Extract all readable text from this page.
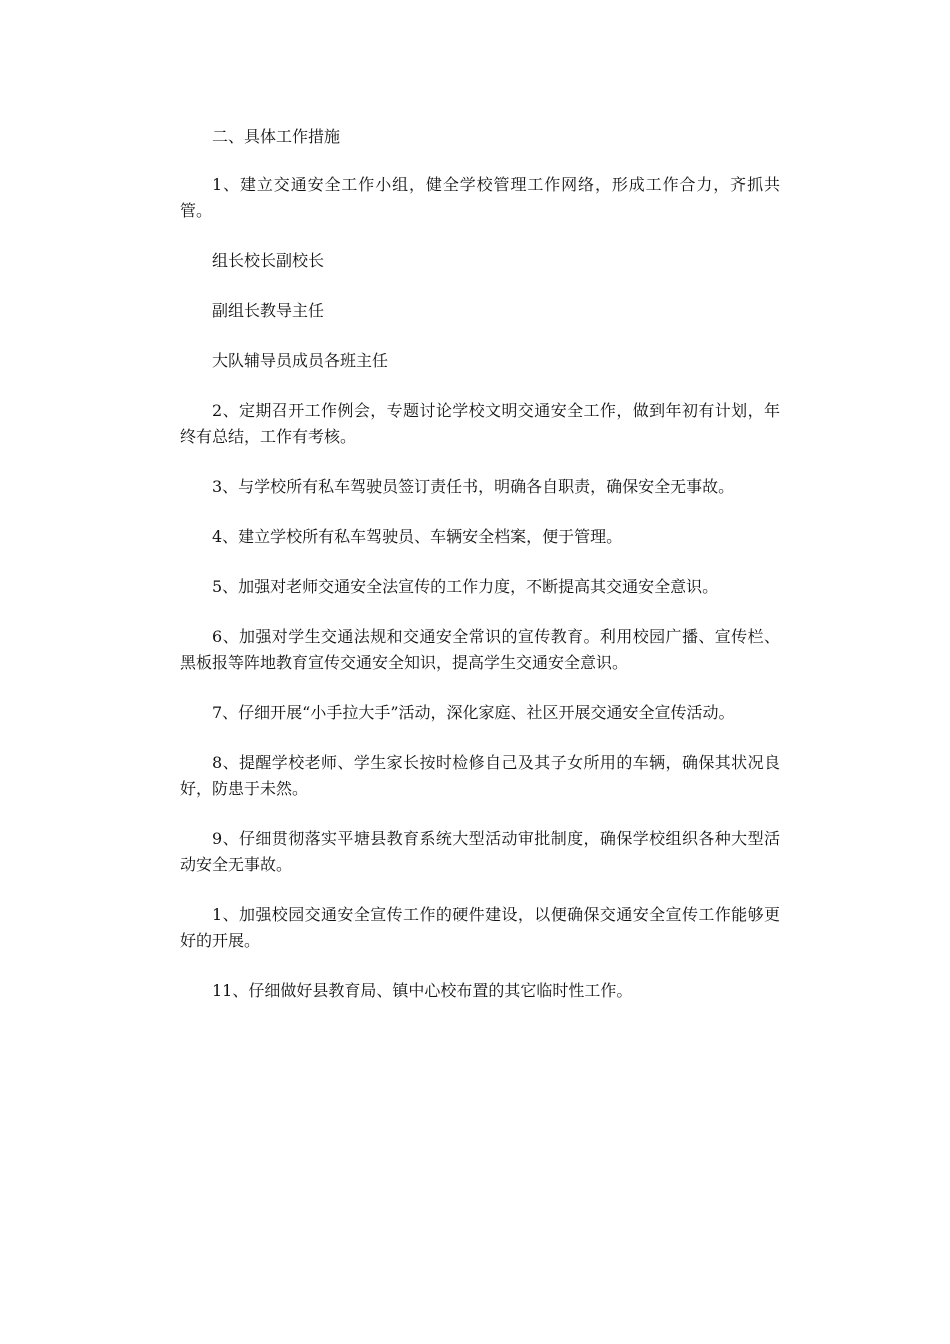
二、具体工作措施

1、建立交通安全工作小组，健全学校管理工作网络，形成工作合力，齐抓共管。

组长校长副校长

副组长教导主任

大队辅导员成员各班主任

2、定期召开工作例会，专题讨论学校文明交通安全工作，做到年初有计划，年终有总结，工作有考核。

3、与学校所有私车驾驶员签订责任书，明确各自职责，确保安全无事故。

4、建立学校所有私车驾驶员、车辆安全档案，便于管理。

5、加强对老师交通安全法宣传的工作力度，不断提高其交通安全意识。

6、加强对学生交通法规和交通安全常识的宣传教育。利用校园广播、宣传栏、黑板报等阵地教育宣传交通安全知识，提高学生交通安全意识。

7、仔细开展“小手拉大手”活动，深化家庭、社区开展交通安全宣传活动。

8、提醒学校老师、学生家长按时检修自己及其子女所用的车辆，确保其状况良好，防患于未然。

9、仔细贯彻落实平塘县教育系统大型活动审批制度，确保学校组织各种大型活动安全无事故。

1、加强校园交通安全宣传工作的硬件建设，以便确保交通安全宣传工作能够更好的开展。

11、仔细做好县教育局、镇中心校布置的其它临时性工作。
